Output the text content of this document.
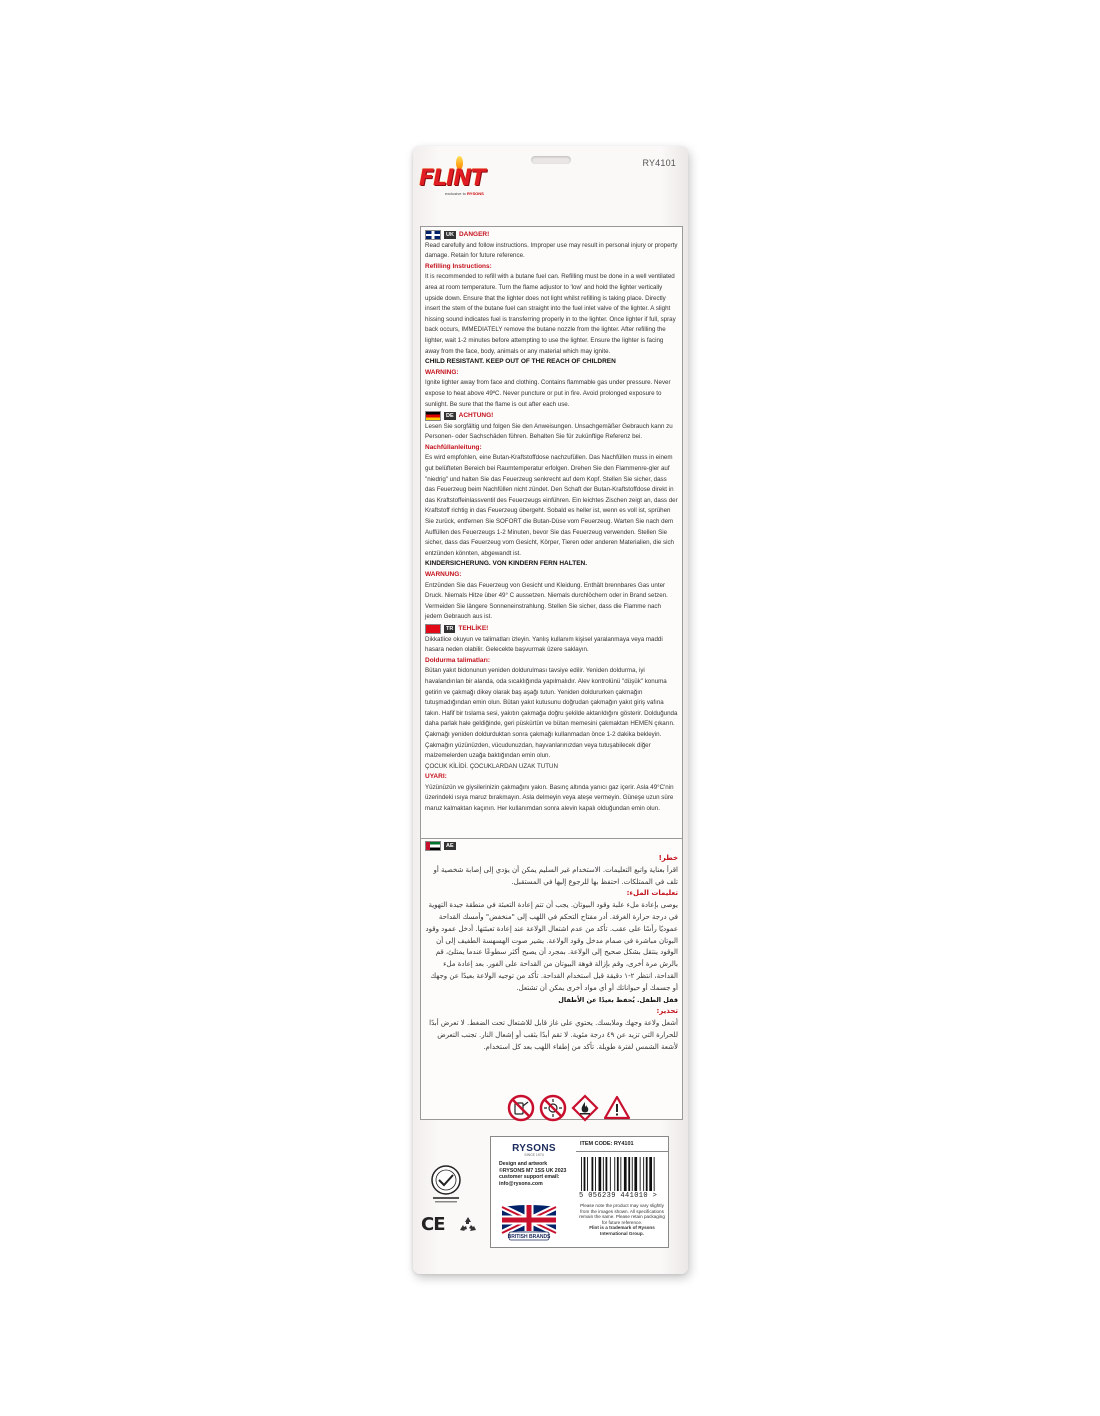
FLINT
exclusive to RYSONS
RY4101
UK DANGER!

Read carefully and follow instructions. Improper use may result in personal injury or property damage. Retain for future reference.

Refilling Instructions:

It is recommended to refill with a butane fuel can. Refilling must be done in a well ventilated area at room temperature. Turn the flame adjustor to 'low' and hold the lighter vertically upside down. Ensure that the lighter does not light whilst refilling is taking place. Directly insert the stem of the butane fuel can straight into the fuel inlet valve of the lighter. A slight hissing sound indicates fuel is transferring properly in to the lighter. Once lighter if full, spray back occurs, IMMEDIATELY remove the butane nozzle from the lighter. After refilling the lighter, wait 1-2 minutes before attempting to use the lighter. Ensure the lighter is facing away from the face, body, animals or any material which may ignite.

CHILD RESISTANT. KEEP OUT OF THE REACH OF CHILDREN

WARNING:

Ignite lighter away from face and clothing. Contains flammable gas under pressure. Never expose to heat above 49ºC. Never puncture or put in fire. Avoid prolonged exposure to sunlight. Be sure that the flame is out after each use.

DE ACHTUNG!

Lesen Sie sorgfältig und folgen Sie den Anweisungen. Unsachgemäßer Gebrauch kann zu Personen- oder Sachschäden führen. Behalten Sie für zukünftige Referenz bei.

Nachfüllanleitung:

Es wird empfohlen, eine Butan-Kraftstoffdose nachzufüllen. Das Nachfüllen muss in einem gut belüfteten Bereich bei Raumtemperatur erfolgen. Drehen Sie den Flammenre-gler auf "niedrig" und halten Sie das Feuerzeug senkrecht auf dem Kopf. Stellen Sie sicher, dass das Feuerzeug beim Nachfüllen nicht zündet. Den Schaft der Butan-Kraftstoffdose direkt in das Kraftstoffeinlassventil des Feuerzeugs einführen. Ein leichtes Zischen zeigt an, dass der Kraftstoff richtig in das Feuerzeug übergeht. Sobald es heller ist, wenn es voll ist, sprühen Sie zurück, entfernen Sie SOFORT die Butan-Düse vom Feuerzeug. Warten Sie nach dem Auffüllen des Feuerzeugs 1-2 Minuten, bevor Sie das Feuerzeug verwenden. Stellen Sie sicher, dass das Feuerzeug vom Gesicht, Körper, Tieren oder anderen Materialien, die sich entzünden könnten, abgewandt ist.

KINDERSICHERUNG. VON KINDERN FERN HALTEN.

WARNUNG:

Entzünden Sie das Feuerzeug von Gesicht und Kleidung. Enthält brennbares Gas unter Druck. Niemals Hitze über 49° C aussetzen. Niemals durchlöchern oder in Brand setzen. Vermeiden Sie längere Sonneneinstrahlung. Stellen Sie sicher, dass die Flamme nach jedem Gebrauch aus ist.

TR TEHLİKE!

Dikkatlice okuyun ve talimatları izleyin. Yanlış kullanım kişisel yaralanmaya veya maddi hasara neden olabilir. Gelecekte başvurmak üzere saklayın.

Doldurma talimatları:

Bütan yakıt bidonunun yeniden doldurulması tavsiye edilir. Yeniden doldurma, iyi havalandırılan bir alanda, oda sıcaklığında yapılmalıdır. Alev kontrolünü "düşük" konuma getirin ve çakmağı dikey olarak baş aşağı tutun. Yeniden doldururken çakmağın tutuşmadığından emin olun. Bütan yakıt kutusunu doğrudan çakmağın yakıt giriş vafına takın. Hafif bir tıslama sesi, yakıtın çakmağa doğru şekilde aktarıldığını gösterir. Dolduğunda daha parlak hale geldiğinde, geri püskürtün ve bütan memesini çakmaktan HEMEN çıkarın. Çakmağı yeniden doldurduktan sonra çakmağı kullanmadan önce 1-2 dakika bekleyin. Çakmağın yüzünüzden, vücudunuzdan, hayvanlarınızdan veya tutuşabilecek diğer malzemelerden uzağa baktığından emin olun.

ÇOCUK KİLİDİ. ÇOCUKLARDAN UZAK TUTUN

UYARI:

Yüzünüzün ve giysilerinizin çakmağını yakın. Basınç altında yanıcı gaz içerir. Asla 49°C'nin üzerindeki ısıya maruz bırakmayın. Asla delmeyin veya ateşe vermeyin. Güneşe uzun süre maruz kalmaktan kaçının. Her kullanımdan sonra alevin kapalı olduğundan emin olun.

AE

خطر!

اقرأ بعناية واتبع التعليمات. الاستخدام غير السليم يمكن أن يؤدي إلى إصابة شخصية أو تلف في الممتلكات. احتفظ بها للرجوع إليها في المستقبل.

تعليمات الملء:

يوصى بإعادة ملء علبة وقود البيوتان. يجب أن تتم إعادة التعبئة في منطقة جيدة التهوية في درجة حرارة الغرفة. أدر مفتاح التحكم في اللهب إلى "منخفض" وأمسك القداحة عموديًا رأسًا على عقب. تأكد من عدم اشتعال الولاعة عند إعادة تعبئتها. أدخل عمود وقود البوتان مباشرة في صمام مدخل وقود الولاعة. يشير صوت الهسهسة الطفيف إلى أن الوقود ينتقل بشكل صحيح إلى الولاعة. بمجرد أن يصبح أكثر سطوعًا عندما يمتلئ، قم بالرش مرة أخرى، وقم بإزالة فوهة البيوتان من القداحة على الفور. بعد إعادة ملء القداحة، انتظر ٢-١ دقيقة قبل استخدام القداحة. تأكد من توجيه الولاعة بعيدًا عن وجهك أو جسمك أو حيواناتك أو أي مواد أخرى يمكن أن تشتعل.

قفل الطفل. يُحفظ بعيدًا عن الأطفال

تحذير:

أشعل ولاعة وجهك وملابسك. يحتوي على غاز قابل للاشتعال تحت الضغط. لا تعرض أبدًا للحرارة التي تزيد عن ٤٩ درجة مئوية. لا تقم أبدًا بثقب أو إشعال النار. تجنب التعرض لأشعة الشمس لفترة طويلة. تأكد من إطفاء اللهب بعد كل استخدام.

CE
RYSONS
SINCE 1974
Design and artwork
©RYSONS M7 1SS UK 2023
customer support email:
info@rysons.com
BRITISH BRANDS
ITEM CODE: RY4101
5 056239 441010 >
Please note the product may vary slightly from the images shown. All specifications remain the same. Please retain packaging for future reference.
Flint is a trademark of Rysons International Group.
